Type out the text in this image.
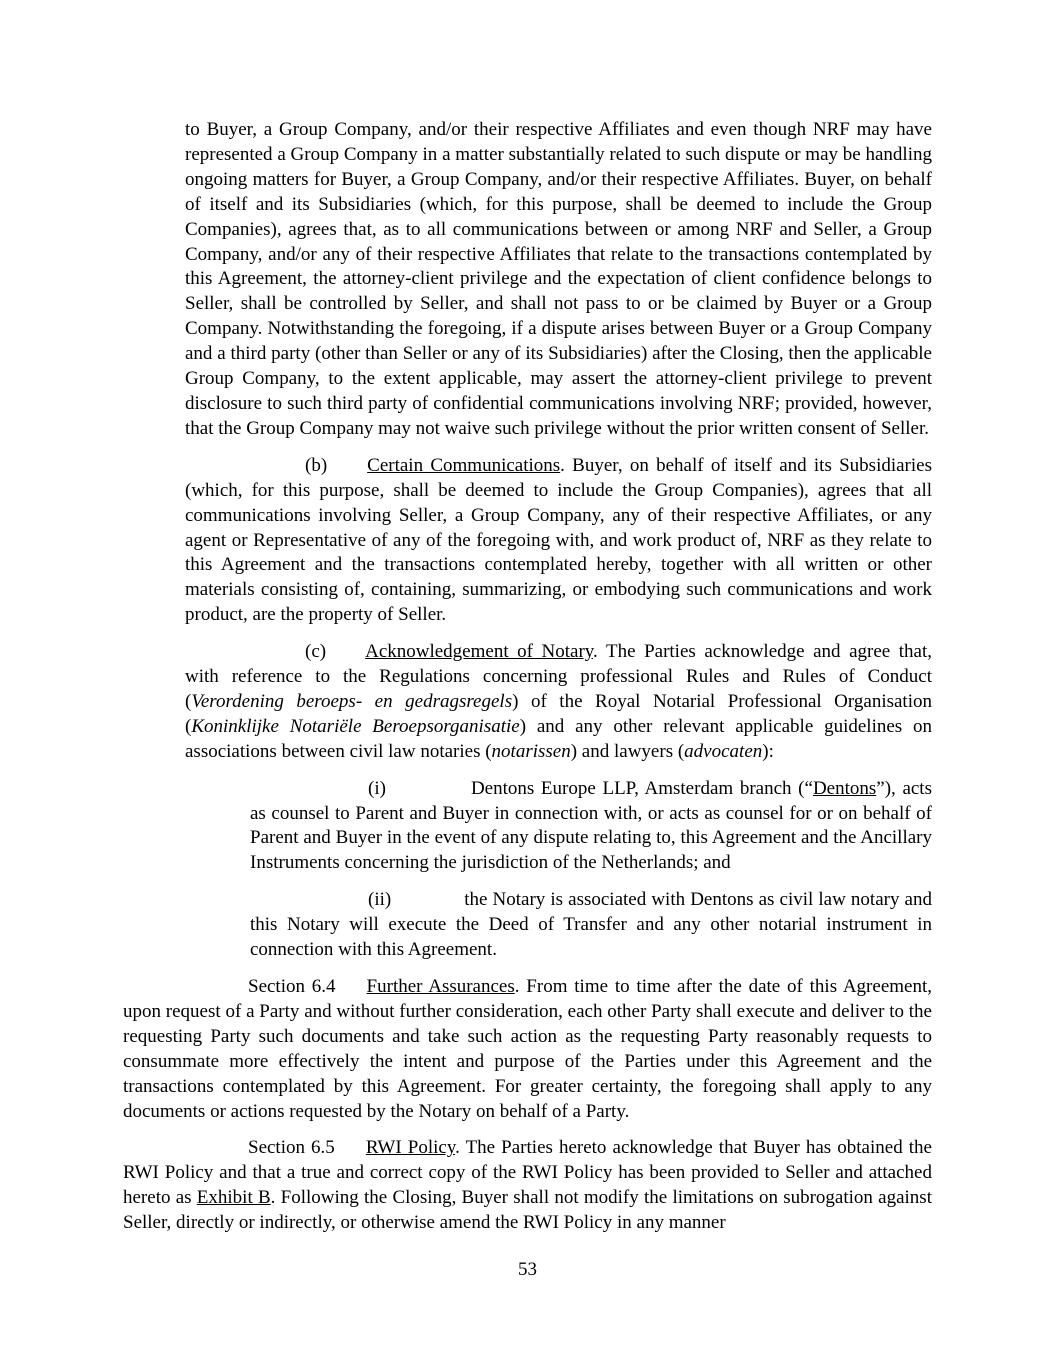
to Buyer, a Group Company, and/or their respective Affiliates and even though NRF may have represented a Group Company in a matter substantially related to such dispute or may be handling ongoing matters for Buyer, a Group Company, and/or their respective Affiliates. Buyer, on behalf of itself and its Subsidiaries (which, for this purpose, shall be deemed to include the Group Companies), agrees that, as to all communications between or among NRF and Seller, a Group Company, and/or any of their respective Affiliates that relate to the transactions contemplated by this Agreement, the attorney-client privilege and the expectation of client confidence belongs to Seller, shall be controlled by Seller, and shall not pass to or be claimed by Buyer or a Group Company. Notwithstanding the foregoing, if a dispute arises between Buyer or a Group Company and a third party (other than Seller or any of its Subsidiaries) after the Closing, then the applicable Group Company, to the extent applicable, may assert the attorney-client privilege to prevent disclosure to such third party of confidential communications involving NRF; provided, however, that the Group Company may not waive such privilege without the prior written consent of Seller.

(b) Certain Communications. Buyer, on behalf of itself and its Subsidiaries (which, for this purpose, shall be deemed to include the Group Companies), agrees that all communications involving Seller, a Group Company, any of their respective Affiliates, or any agent or Representative of any of the foregoing with, and work product of, NRF as they relate to this Agreement and the transactions contemplated hereby, together with all written or other materials consisting of, containing, summarizing, or embodying such communications and work product, are the property of Seller.

(c) Acknowledgement of Notary. The Parties acknowledge and agree that, with reference to the Regulations concerning professional Rules and Rules of Conduct (Verordening beroeps- en gedragsregels) of the Royal Notarial Professional Organisation (Koninklijke Notariële Beroepsorganisatie) and any other relevant applicable guidelines on associations between civil law notaries (notarissen) and lawyers (advocaten):

(i)	Dentons Europe LLP, Amsterdam branch (“Dentons”), acts as counsel to Parent and Buyer in connection with, or acts as counsel for or on behalf of Parent and Buyer in the event of any dispute relating to, this Agreement and the Ancillary Instruments concerning the jurisdiction of the Netherlands; and

(ii)	the Notary is associated with Dentons as civil law notary and this Notary will execute the Deed of Transfer and any other notarial instrument in connection with this Agreement.

Section 6.4 Further Assurances. From time to time after the date of this Agreement, upon request of a Party and without further consideration, each other Party shall execute and deliver to the requesting Party such documents and take such action as the requesting Party reasonably requests to consummate more effectively the intent and purpose of the Parties under this Agreement and the transactions contemplated by this Agreement. For greater certainty, the foregoing shall apply to any documents or actions requested by the Notary on behalf of a Party.

Section 6.5 RWI Policy. The Parties hereto acknowledge that Buyer has obtained the RWI Policy and that a true and correct copy of the RWI Policy has been provided to Seller and attached hereto as Exhibit B. Following the Closing, Buyer shall not modify the limitations on subrogation against Seller, directly or indirectly, or otherwise amend the RWI Policy in any manner

53
